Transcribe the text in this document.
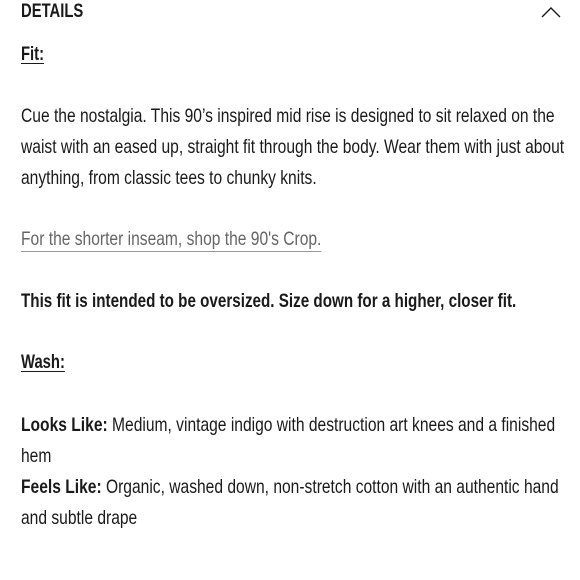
DETAILS
Fit:
Cue the nostalgia. This 90’s inspired mid rise is designed to sit relaxed on the
waist with an eased up, straight fit through the body. Wear them with just about
anything, from classic tees to chunky knits.
For the shorter inseam, shop the 90's Crop.
This fit is intended to be oversized. Size down for a higher, closer fit.
Wash:
Looks Like: Medium, vintage indigo with destruction art knees and a finished
hem
Feels Like: Organic, washed down, non-stretch cotton with an authentic hand
and subtle drape
